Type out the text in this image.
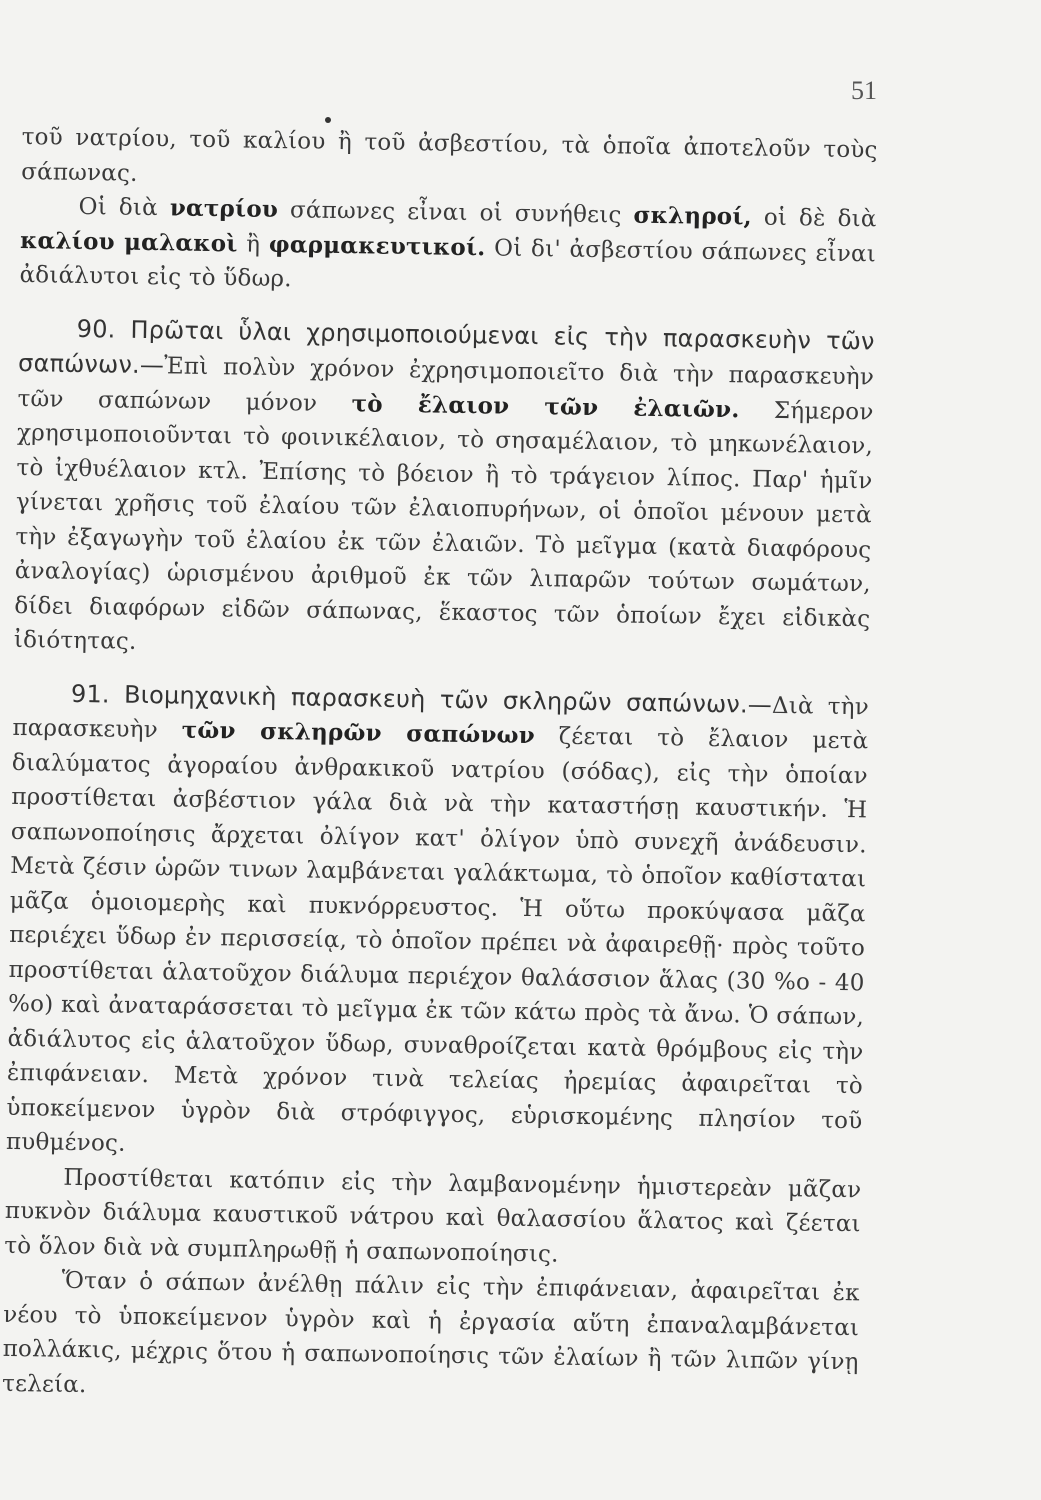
51

τοῦ νατρίου, τοῦ καλίου ἢ τοῦ ἀσβεστίου, τὰ ὁποῖα ἀποτελοῦν τοὺς σάπωνας.

Οἱ διὰ νατρίου σάπωνες εἶναι οἱ συνήθεις σκληροί, οἱ δὲ διὰ καλίου μαλακοὶ ἢ φαρμακευτικοί. Οἱ δι' ἀσβεστίου σάπωνες εἶναι ἀδιάλυτοι εἰς τὸ ὕδωρ.

90. Πρῶται ὗλαι χρησιμοποιούμεναι εἰς τὴν παρασκευὴν τῶν σαπώνων.—Ἐπὶ πολὺν χρόνον ἐχρησιμοποιεῖτο διὰ τὴν παρασκευὴν τῶν σαπώνων μόνον τὸ ἔλαιον τῶν ἐλαιῶν. Σήμερον χρησιμοποιοῦνται τὸ φοινικέλαιον, τὸ σησαμέλαιον, τὸ μηκωνέλαιον, τὸ ἰχθυέλαιον κτλ. Ἐπίσης τὸ βόειον ἢ τὸ τράγειον λίπος. Παρ' ἡμῖν γίνεται χρῆσις τοῦ ἐλαίου τῶν ἐλαιοπυρήνων, οἱ ὁποῖοι μένουν μετὰ τὴν ἐξαγωγὴν τοῦ ἐλαίου ἐκ τῶν ἐλαιῶν. Τὸ μεῖγμα (κατὰ διαφόρους ἀναλογίας) ὡρισμένου ἀριθμοῦ ἐκ τῶν λιπαρῶν τούτων σωμάτων, δίδει διαφόρων εἰδῶν σάπωνας, ἕκαστος τῶν ὁποίων ἔχει εἰδικὰς ἰδιότητας.

91. Βιομηχανικὴ παρασκευὴ τῶν σκληρῶν σαπώνων.—Διὰ τὴν παρασκευὴν τῶν σκληρῶν σαπώνων ζέεται τὸ ἔλαιον μετὰ διαλύματος ἀγοραίου ἀνθρακικοῦ νατρίου (σόδας), εἰς τὴν ὁποίαν προστίθεται ἀσβέστιον γάλα διὰ νὰ τὴν καταστήσῃ καυστικήν. Ἡ σαπωνοποίησις ἄρχεται ὀλίγον κατ' ὀλίγον ὑπὸ συνεχῆ ἀνάδευσιν. Μετὰ ζέσιν ὡρῶν τινων λαμβάνεται γαλάκτωμα, τὸ ὁποῖον καθίσταται μᾶζα ὁμοιομερὴς καὶ πυκνόρρευστος. Ἡ οὕτω προκύψασα μᾶζα περιέχει ὕδωρ ἐν περισσείᾳ, τὸ ὁποῖον πρέπει νὰ ἀφαιρεθῇ· πρὸς τοῦτο προστίθεται ἁλατοῦχον διάλυμα περιέχον θαλάσσιον ἅλας (30 %ο - 40 %ο) καὶ ἀναταράσσεται τὸ μεῖγμα ἐκ τῶν κάτω πρὸς τὰ ἄνω. Ὁ σάπων, ἀδιάλυτος εἰς ἁλατοῦχον ὕδωρ, συναθροίζεται κατὰ θρόμβους εἰς τὴν ἐπιφάνειαν. Μετὰ χρόνον τινὰ τελείας ἠρεμίας ἀφαιρεῖται τὸ ὑποκείμενον ὑγρὸν διὰ στρόφιγγος, εὑρισκομένης πλησίον τοῦ πυθμένος.

Προστίθεται κατόπιν εἰς τὴν λαμβανομένην ἡμιστερεὰν μᾶζαν πυκνὸν διάλυμα καυστικοῦ νάτρου καὶ θαλασσίου ἅλατος καὶ ζέεται τὸ ὅλον διὰ νὰ συμπληρωθῇ ἡ σαπωνοποίησις.

Ὅταν ὁ σάπων ἀνέλθῃ πάλιν εἰς τὴν ἐπιφάνειαν, ἀφαιρεῖται ἐκ νέου τὸ ὑποκείμενον ὑγρὸν καὶ ἡ ἐργασία αὕτη ἐπαναλαμβάνεται πολλάκις, μέχρις ὅτου ἡ σαπωνοποίησις τῶν ἐλαίων ἢ τῶν λιπῶν γίνῃ τελεία.
